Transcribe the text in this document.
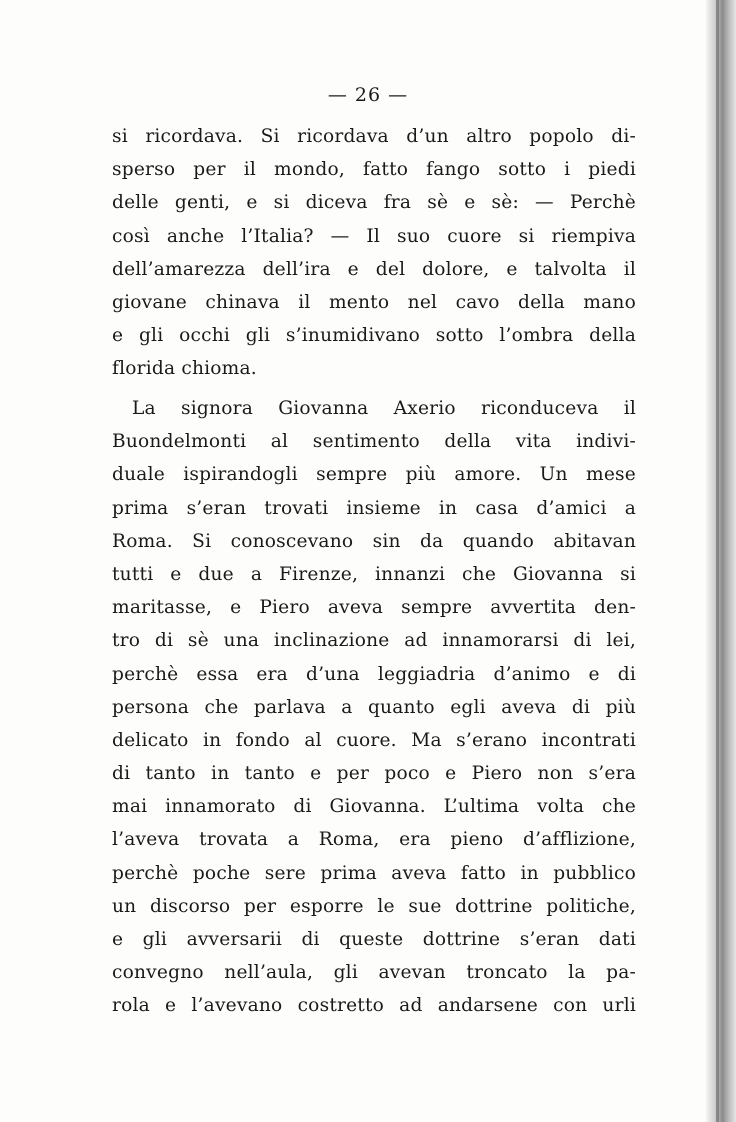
— 26 —
si ricordava. Si ricordava d’un altro popolo di-
sperso per il mondo, fatto fango sotto i piedi
delle genti, e si diceva fra sè e sè: — Perchè
così anche l’Italia? — Il suo cuore si riempiva
dell’amarezza dell’ira e del dolore, e talvolta il
giovane chinava il mento nel cavo della mano
e gli occhi gli s’inumidivano sotto l’ombra della
florida chioma.
La signora Giovanna Axerio riconduceva il
Buondelmonti al sentimento della vita indivi-
duale ispirandogli sempre più amore. Un mese
prima s’eran trovati insieme in casa d’amici a
Roma. Si conoscevano sin da quando abitavan
tutti e due a Firenze, innanzi che Giovanna si
maritasse, e Piero aveva sempre avvertita den-
tro di sè una inclinazione ad innamorarsi di lei,
perchè essa era d’una leggiadria d’animo e di
persona che parlava a quanto egli aveva di più
delicato in fondo al cuore. Ma s’erano incontrati
di tanto in tanto e per poco e Piero non s’era
mai innamorato di Giovanna. L’ultima volta che
l’aveva trovata a Roma, era pieno d’afflizione,
perchè poche sere prima aveva fatto in pubblico
un discorso per esporre le sue dottrine politiche,
e gli avversarii di queste dottrine s’eran dati
convegno nell’aula, gli avevan troncato la pa-
rola e l’avevano costretto ad andarsene con urli
